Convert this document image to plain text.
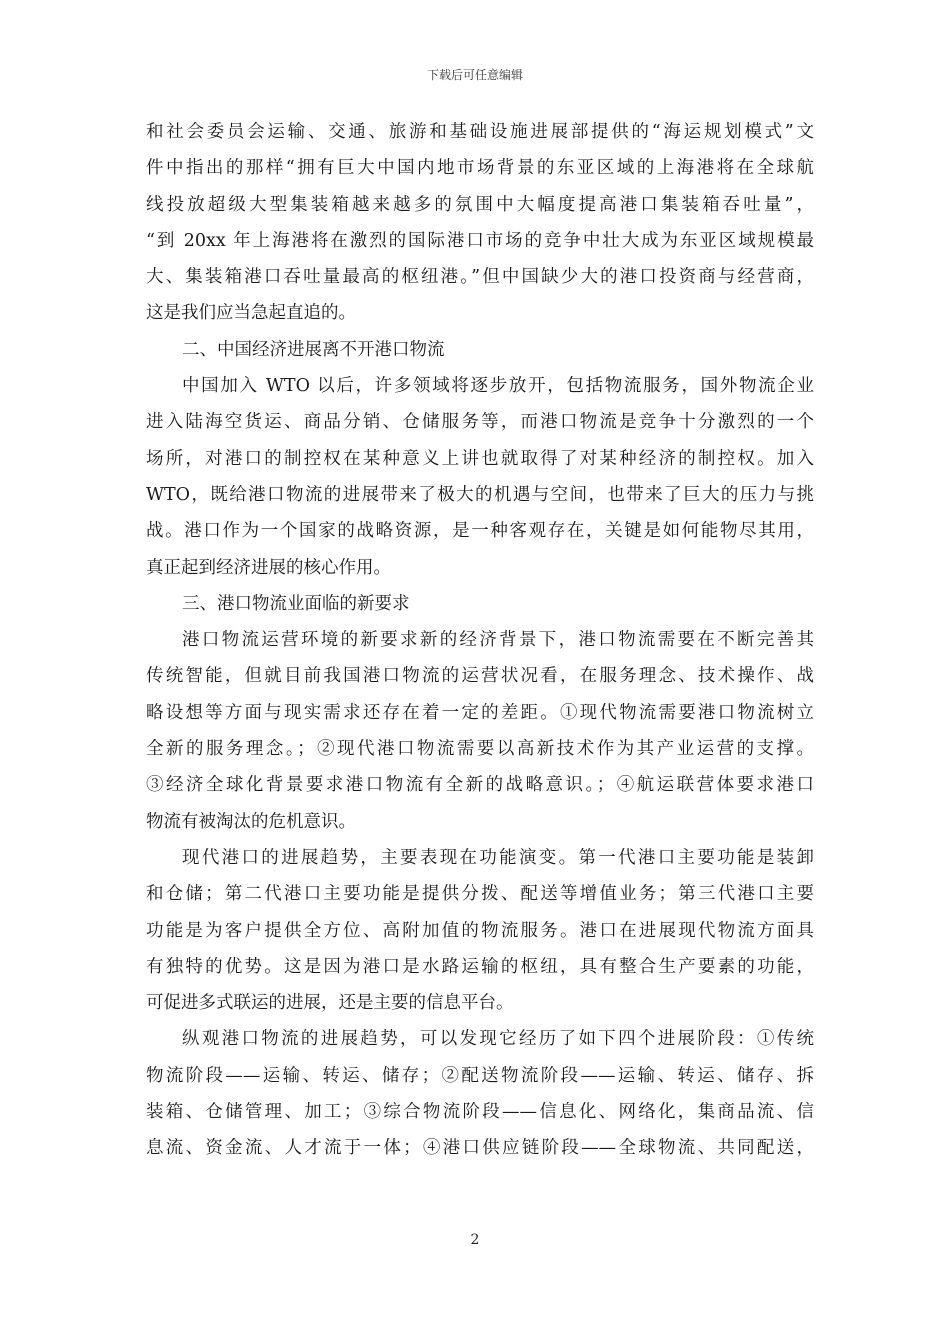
下载后可任意编辑
和社会委员会运输、交通、旅游和基础设施进展部提供的“海运规划模式”文
件中指出的那样“拥有巨大中国内地市场背景的东亚区域的上海港将在全球航
线投放超级大型集装箱越来越多的氛围中大幅度提高港口集装箱吞吐量”，
“到 20xx 年上海港将在激烈的国际港口市场的竞争中壮大成为东亚区域规模最
大、集装箱港口吞吐量最高的枢纽港。”但中国缺少大的港口投资商与经营商，
这是我们应当急起直追的。
二、中国经济进展离不开港口物流
中国加入 WTO 以后，许多领域将逐步放开，包括物流服务，国外物流企业
进入陆海空货运、商品分销、仓储服务等，而港口物流是竞争十分激烈的一个
场所，对港口的制控权在某种意义上讲也就取得了对某种经济的制控权。加入
WTO，既给港口物流的进展带来了极大的机遇与空间，也带来了巨大的压力与挑
战。港口作为一个国家的战略资源，是一种客观存在，关键是如何能物尽其用，
真正起到经济进展的核心作用。
三、港口物流业面临的新要求
港口物流运营环境的新要求新的经济背景下，港口物流需要在不断完善其
传统智能，但就目前我国港口物流的运营状况看，在服务理念、技术操作、战
略设想等方面与现实需求还存在着一定的差距。①现代物流需要港口物流树立
全新的服务理念。；②现代港口物流需要以高新技术作为其产业运营的支撑。
③经济全球化背景要求港口物流有全新的战略意识。；④航运联营体要求港口
物流有被淘汰的危机意识。
现代港口的进展趋势，主要表现在功能演变。第一代港口主要功能是装卸
和仓储；第二代港口主要功能是提供分拨、配送等增值业务；第三代港口主要
功能是为客户提供全方位、高附加值的物流服务。港口在进展现代物流方面具
有独特的优势。这是因为港口是水路运输的枢纽，具有整合生产要素的功能，
可促进多式联运的进展，还是主要的信息平台。
纵观港口物流的进展趋势，可以发现它经历了如下四个进展阶段：①传统
物流阶段——运输、转运、储存；②配送物流阶段——运输、转运、储存、拆
装箱、仓储管理、加工；③综合物流阶段——信息化、网络化，集商品流、信
息流、资金流、人才流于一体；④港口供应链阶段——全球物流、共同配送，
2
